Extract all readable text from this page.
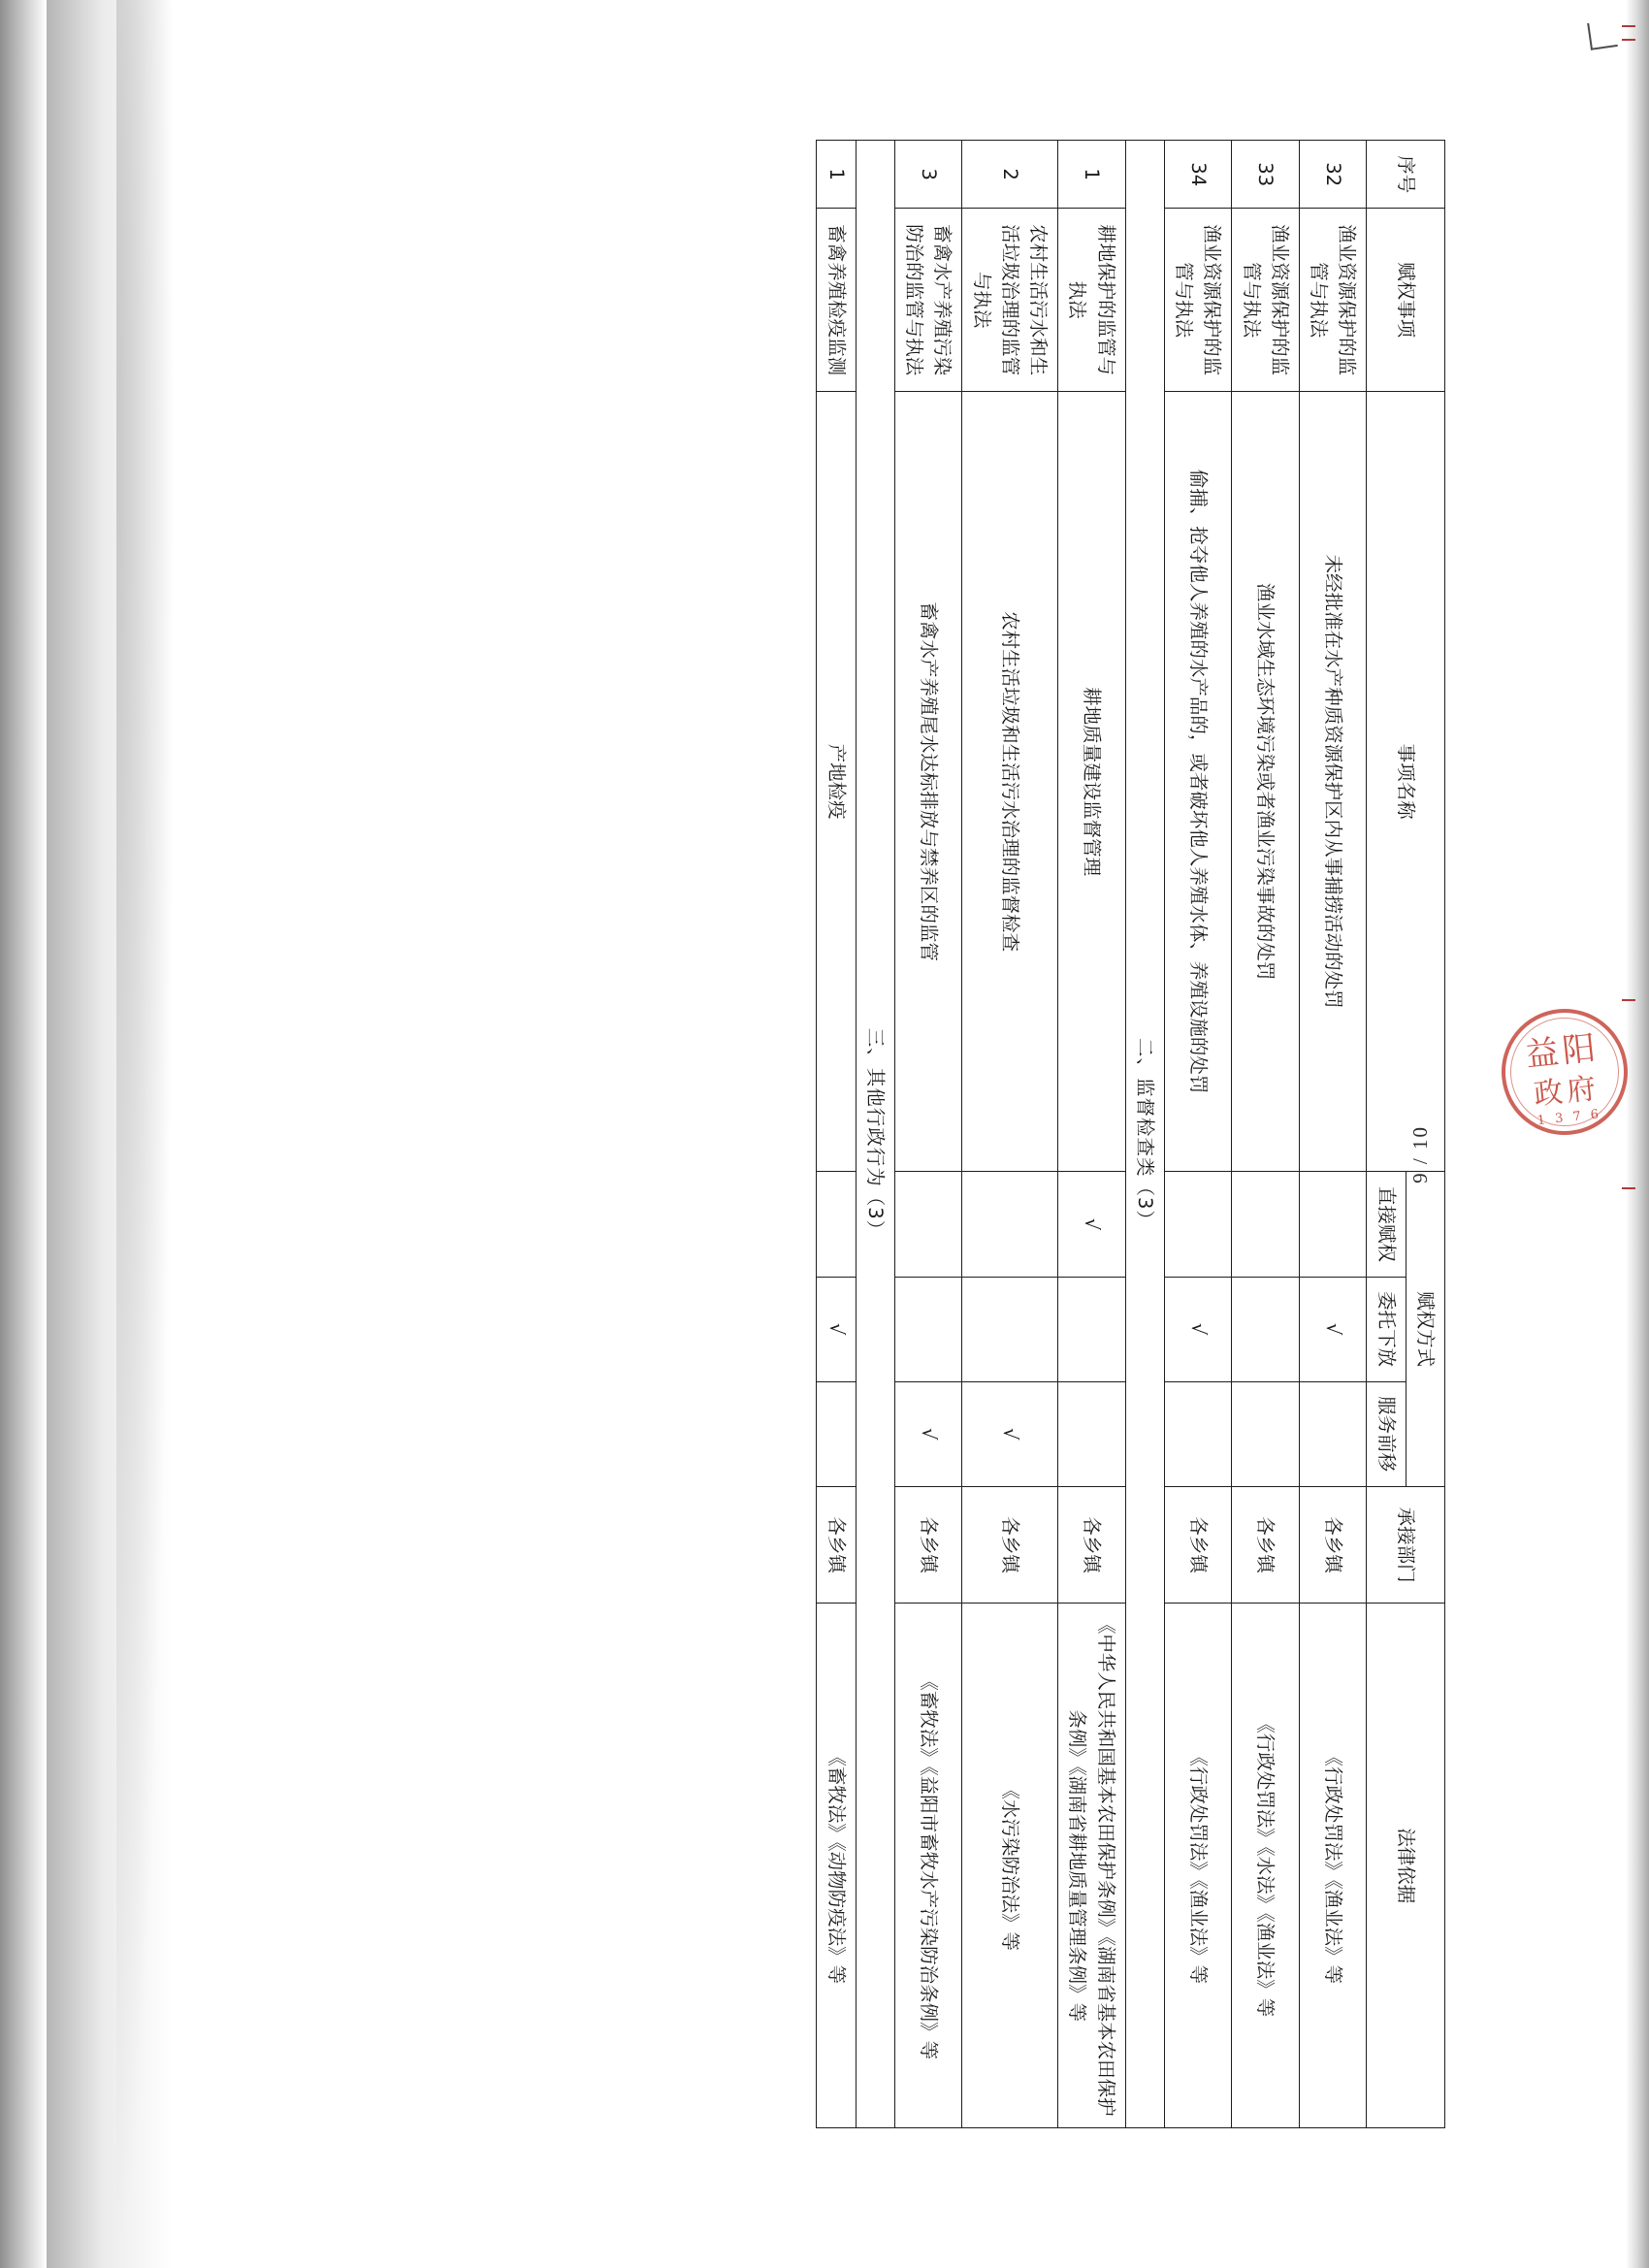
益阳
政府
1 3 7 6
9 / 10
序号	赋权事项	事项名称	赋权方式			承接部门	法律依据
			直接赋权	委托下放	服务前移		
32	渔业资源保护的监管与执法	未经批准在水产种质资源保护区内从事捕捞活动的处罚		√		各乡镇	《行政处罚法》《渔业法》等
33	渔业资源保护的监管与执法	渔业水域生态环境污染或者渔业污染事故的处罚				各乡镇	《行政处罚法》《水法》《渔业法》等
34	渔业资源保护的监管与执法	偷捕、抢夺他人养殖的水产品的，或者破坏他人养殖水体、养殖设施的处罚		√		各乡镇	《行政处罚法》《渔业法》等
二、监督检查类（3）							
1	耕地保护的监管与执法	耕地质量建设监督管理	√			各乡镇	《中华人民共和国基本农田保护条例》《湖南省基本农田保护条例》《湖南省耕地质量管理条例》等
2	农村生活污水和生活垃圾治理的监管与执法	农村生活垃圾和生活污水治理的监督检查			√	各乡镇	《水污染防治法》等
3	畜禽水产养殖污染防治的监管与执法	畜禽水产养殖尾水达标排放与禁养区的监管			√	各乡镇	《畜牧法》《益阳市畜牧水产污染防治条例》等
三、其他行政行为（3）							
1	畜禽养殖检疫监测	产地检疫		√		各乡镇	《畜牧法》《动物防疫法》等
